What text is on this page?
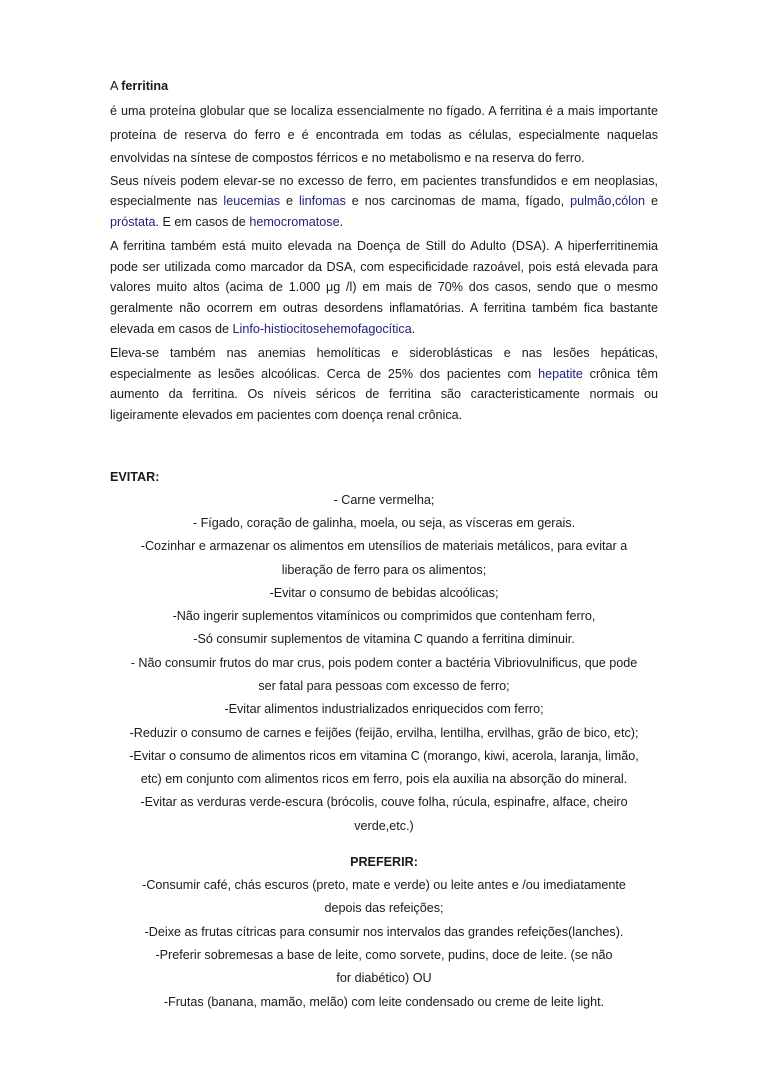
A ferritina

é uma proteína globular que se localiza essencialmente no fígado. A ferritina é a mais importante proteína de reserva do ferro e é encontrada em todas as células, especialmente naquelas envolvidas na síntese de compostos férricos e no metabolismo e na reserva do ferro.

Seus níveis podem elevar-se no excesso de ferro, em pacientes transfundidos e em neoplasias, especialmente nas leucemias e linfomas e nos carcinomas de mama, fígado, pulmão,cólon e próstata. E em casos de hemocromatose.

A ferritina também está muito elevada na Doença de Still do Adulto (DSA). A hiperferritinemia pode ser utilizada como marcador da DSA, com especificidade razoável, pois está elevada para valores muito altos (acima de 1.000 μg /l) em mais de 70% dos casos, sendo que o mesmo geralmente não ocorrem em outras desordens inflamatórias. A ferritina também fica bastante elevada em casos de Linfo-histiocitosehemofagocítica.

Eleva-se também nas anemias hemolíticas e sideroblásticas e nas lesões hepáticas, especialmente as lesões alcoólicas. Cerca de 25% dos pacientes com hepatite crônica têm aumento da ferritina. Os níveis séricos de ferritina são caracteristicamente normais ou ligeiramente elevados em pacientes com doença renal crônica.

EVITAR:
- Carne vermelha;
- Fígado, coração de galinha, moela, ou seja, as vísceras em gerais.
-Cozinhar e armazenar os alimentos em utensílios de materiais metálicos, para evitar a
liberação de ferro para os alimentos;
-Evitar o consumo de bebidas alcoólicas;
-Não ingerir suplementos vitamínicos ou comprimidos que contenham ferro,
-Só consumir suplementos de vitamina C quando a ferritina diminuir.
- Não consumir frutos do mar crus, pois podem conter a bactéria Vibriovulnificus, que pode
ser fatal para pessoas com excesso de ferro;
-Evitar alimentos industrializados enriquecidos com ferro;
-Reduzir o consumo de carnes e feijões (feijão, ervilha, lentilha, ervilhas, grão de bico, etc);
-Evitar o consumo de alimentos ricos em vitamina C (morango, kiwi, acerola, laranja, limão,
etc) em conjunto com alimentos ricos em ferro, pois ela auxilia na absorção do mineral.
-Evitar as verduras verde-escura (brócolis, couve folha, rúcula, espinafre, alface, cheiro
verde,etc.)
PREFERIR:
-Consumir café, chás escuros (preto, mate e verde) ou leite antes e /ou imediatamente
depois das refeições;
-Deixe as frutas cítricas para consumir nos intervalos das grandes refeições(lanches).
-Preferir sobremesas a base de leite, como sorvete, pudins, doce de leite. (se não
for diabético) OU
-Frutas (banana, mamão, melão) com leite condensado ou creme de leite light.
